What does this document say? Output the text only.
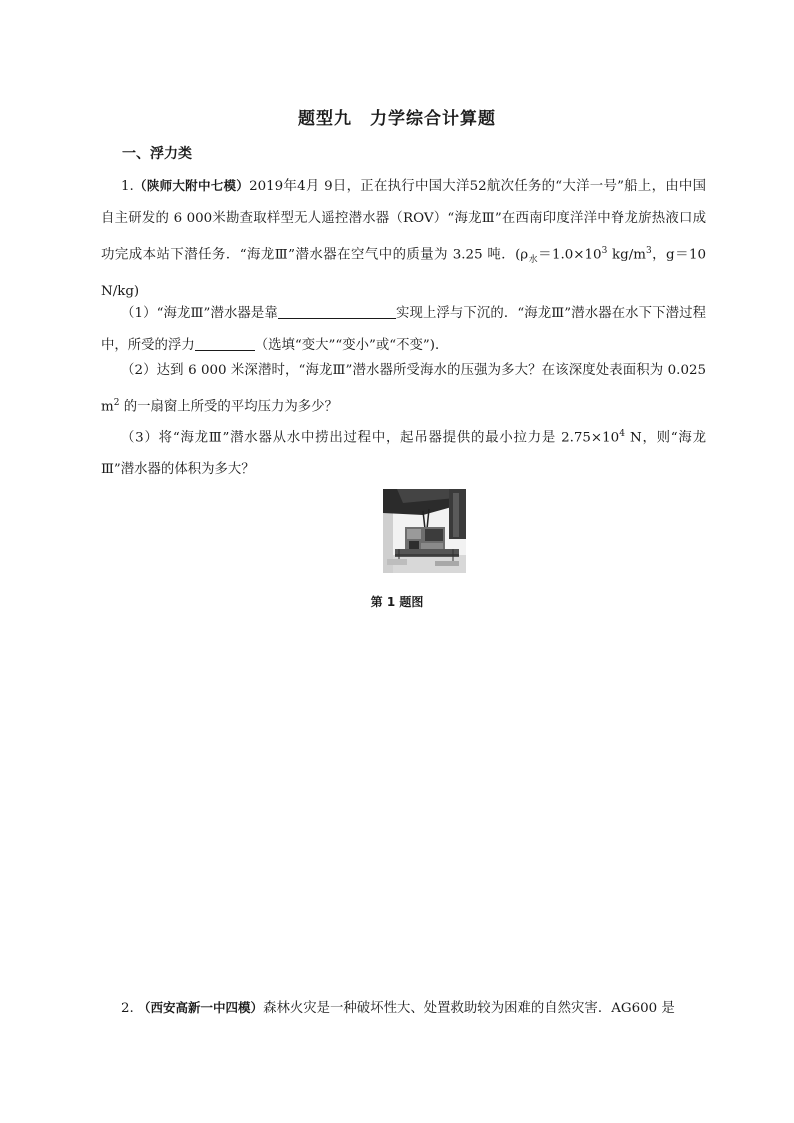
题型九　力学综合计算题
一、浮力类
1.（陕师大附中七模）2019年4月 9日，正在执行中国大洋52航次任务的“大洋一号”船上，由中国自主研发的 6 000米勘查取样型无人遥控潜水器（ROV）“海龙Ⅲ”在西南印度洋洋中脊龙旂热液口成功完成本站下潜任务．“海龙Ⅲ”潜水器在空气中的质量为 3.25 吨．($\rho_水=1.0\times 10^3$ $kg/m^3$，g＝10 N/kg)
（1）“海龙Ⅲ”潜水器是靠	实现上浮与下沉的．“海龙Ⅲ”潜水器在水下下潜过程中，所受的浮力	（选填“变大”“变小”或“不变”)．
（2）达到 6 000 米深潜时，“海龙Ⅲ”潜水器所受海水的压强为多大？在该深度处表面积为 0.025 $m^2$ 的一扇窗上所受的平均压力为多少？
（3）将“海龙Ⅲ”潜水器从水中捞出过程中，起吊器提供的最小拉力是 $2.75\times 10^4$ N，则“海龙Ⅲ”潜水器的体积为多大？
第 1 题图
2. （西安高新一中四模）森林火灾是一种破坏性大、处置救助较为困难的自然灾害．AG600 是
